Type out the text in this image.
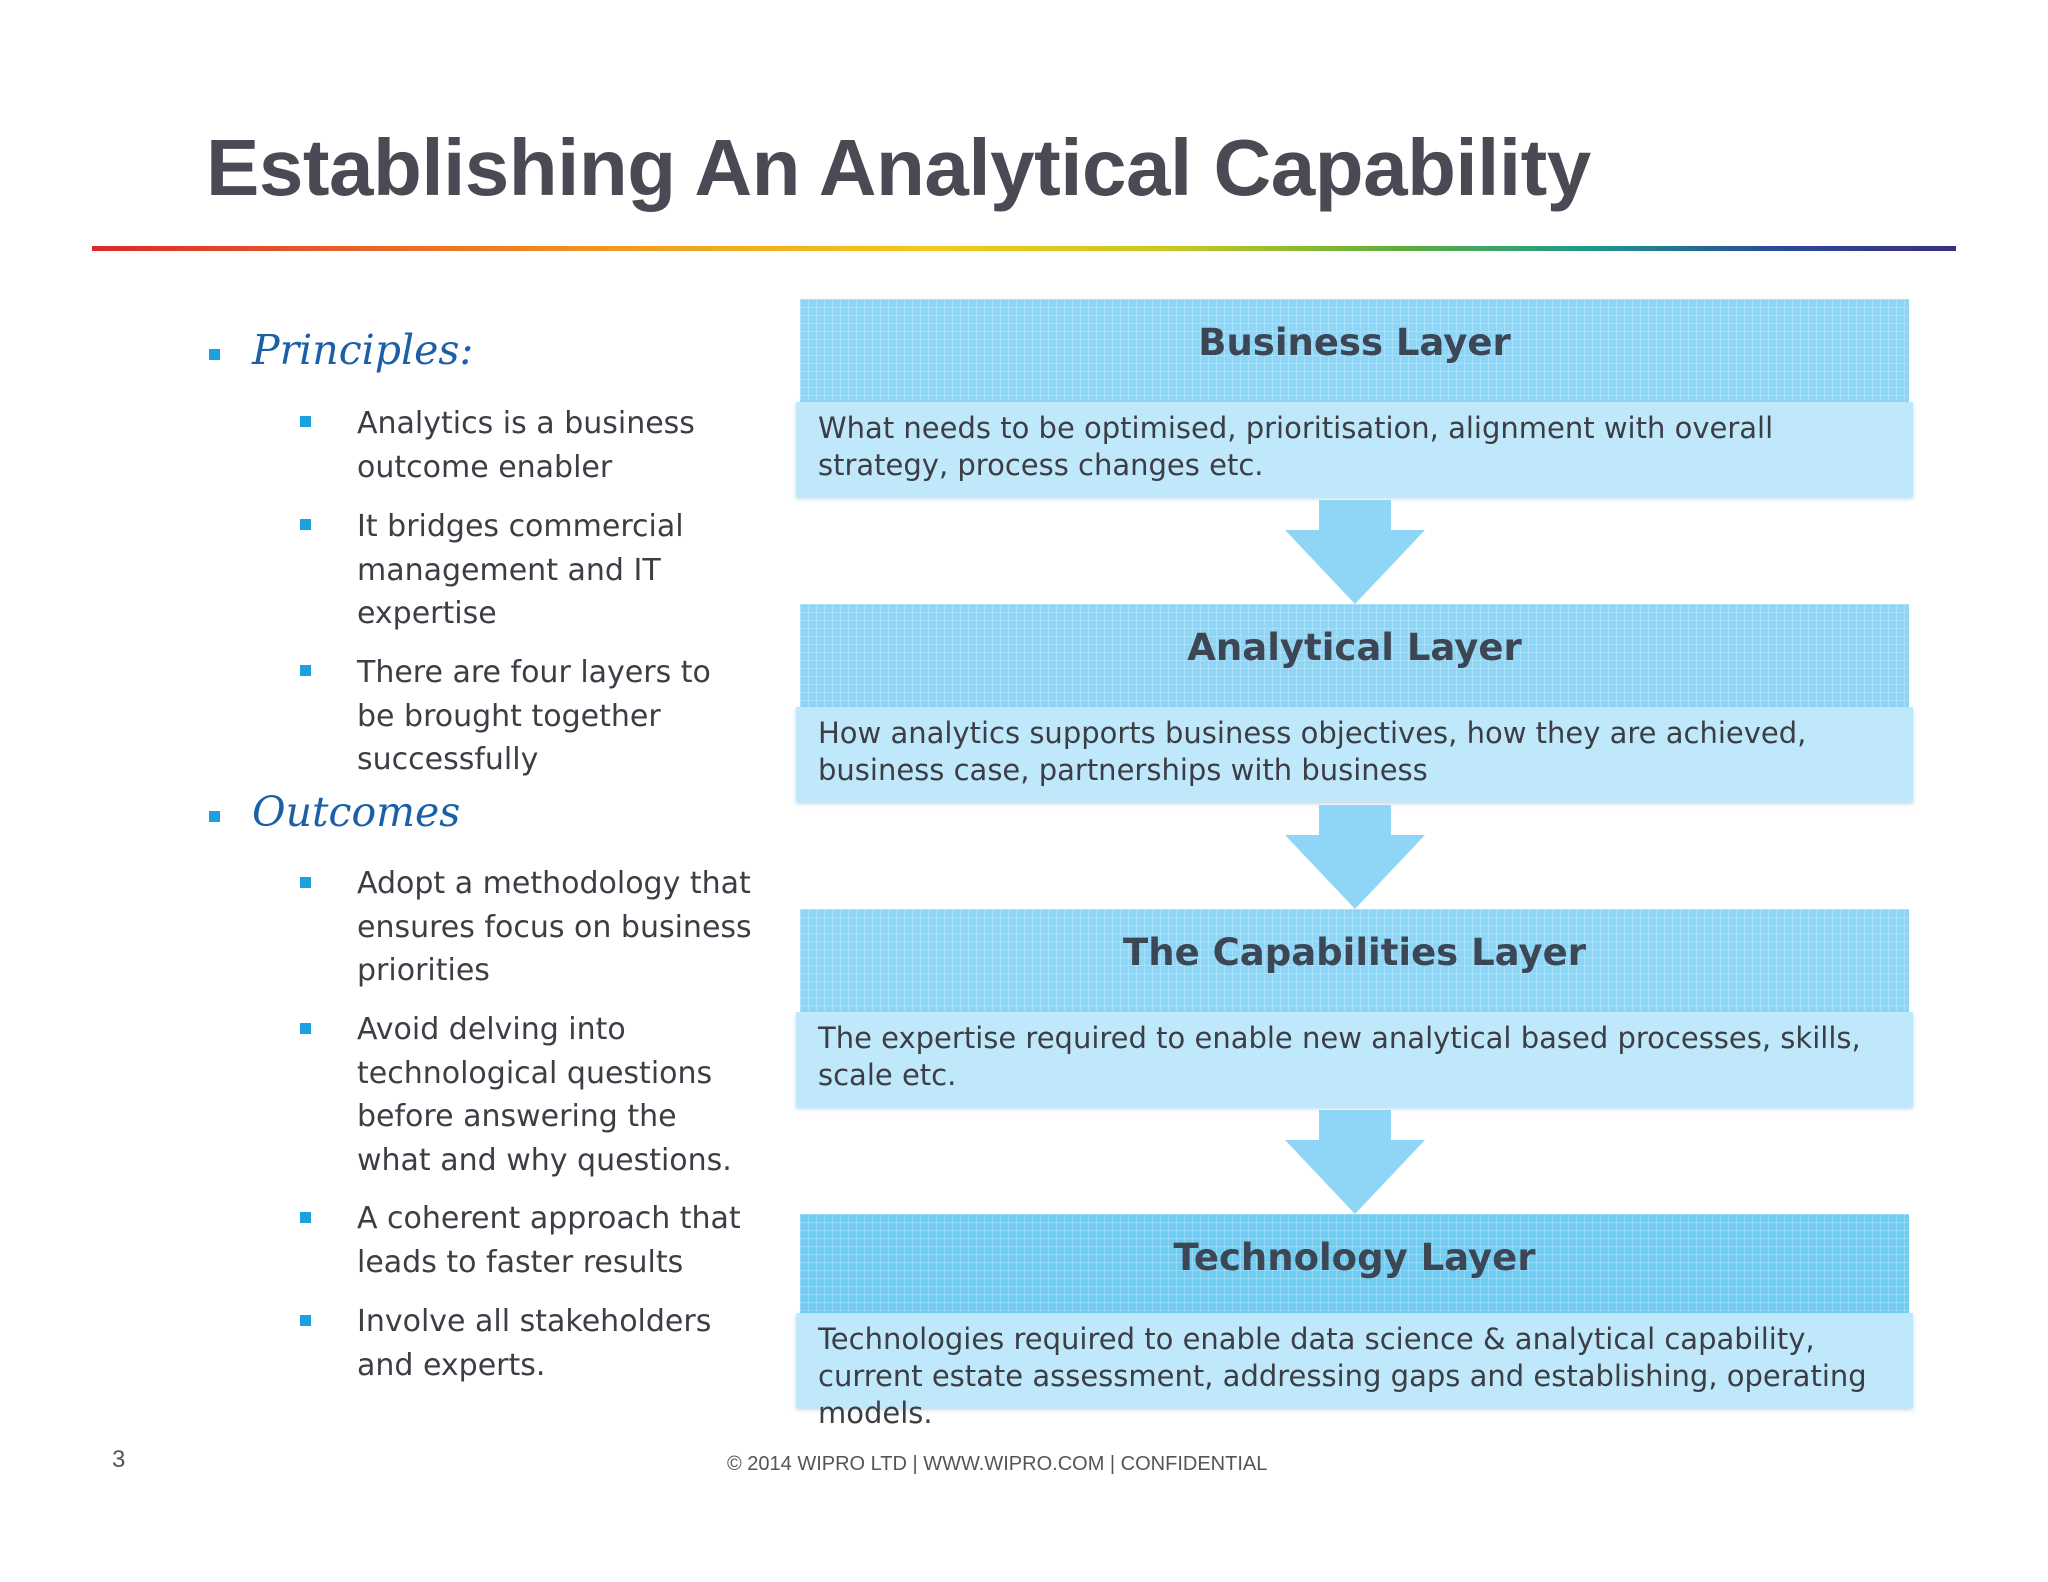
Establishing An Analytical Capability
Principles:
Analytics is a business outcome enabler
It bridges commercial management and IT expertise
There are four layers to be brought together successfully
Outcomes
Adopt a methodology that ensures focus on business priorities
Avoid delving into technological questions before answering the what and why questions.
A coherent approach that leads to faster results
Involve all stakeholders and experts.
Business Layer
What needs to be optimised, prioritisation, alignment with overall strategy, process changes etc.
Analytical Layer
How analytics supports business objectives, how they are achieved, business case, partnerships with business
The Capabilities Layer
The expertise required to enable new analytical based processes, skills, scale etc.
Technology Layer
Technologies required to enable data science & analytical capability, current estate assessment, addressing gaps and establishing, operating models.
3	© 2014 WIPRO LTD | WWW.WIPRO.COM | CONFIDENTIAL
